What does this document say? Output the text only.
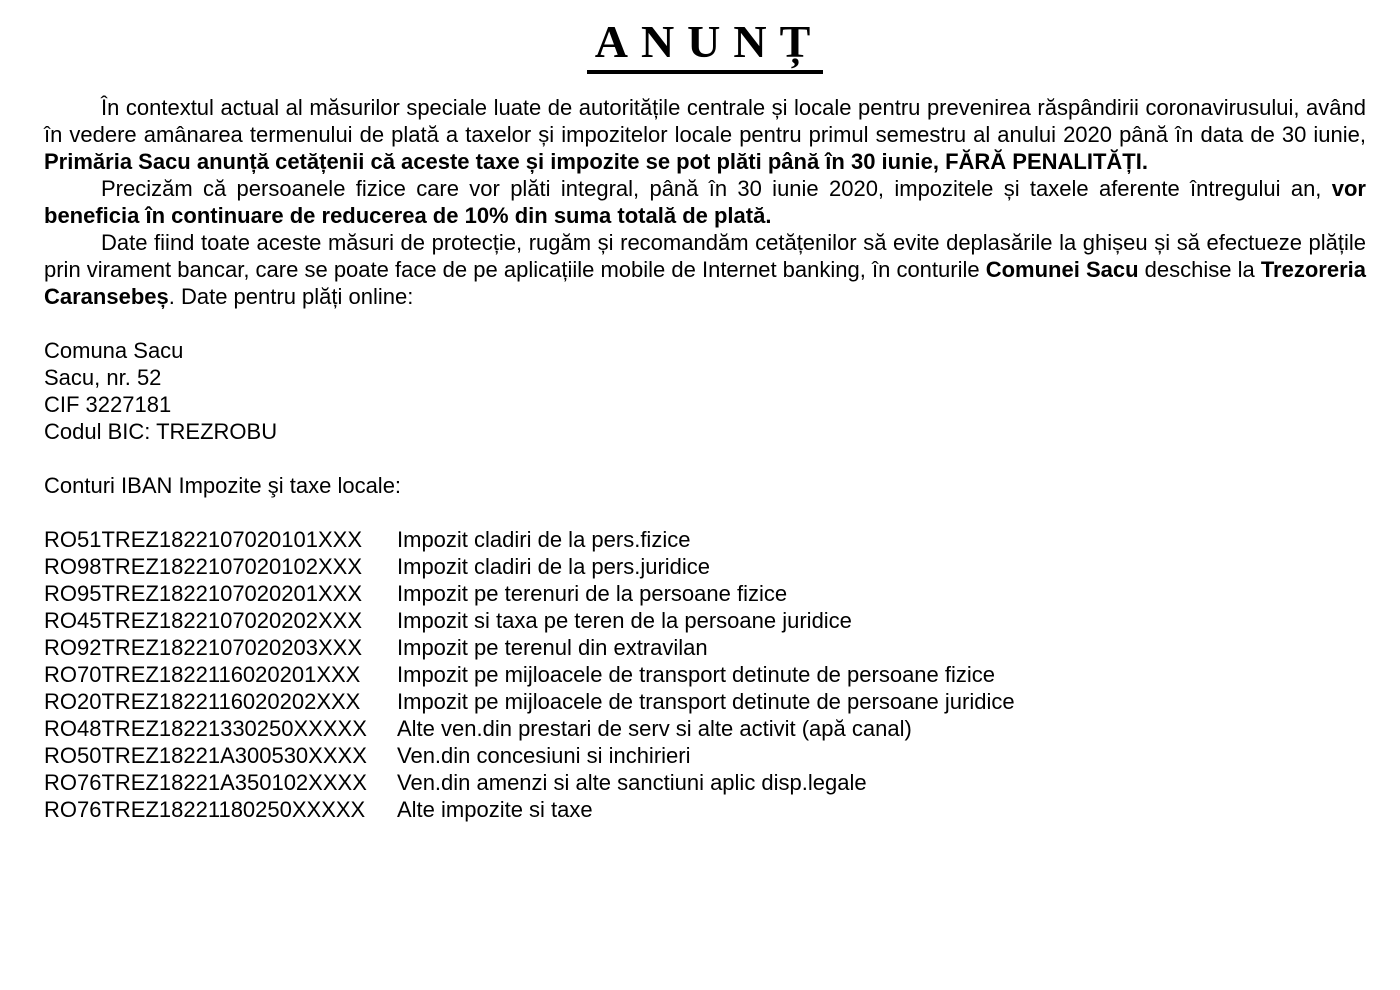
ANUNȚ

În contextul actual al măsurilor speciale luate de autoritățile centrale și locale pentru prevenirea răspândirii coronavirusului, având în vedere amânarea termenului de plată a taxelor și impozitelor locale pentru primul semestru al anului 2020 până în data de 30 iunie, Primăria Sacu anunță cetățenii că aceste taxe și impozite se pot plăti până în 30 iunie, FĂRĂ PENALITĂȚI.

Precizăm că persoanele fizice care vor plăti integral, până în 30 iunie 2020, impozitele și taxele aferente întregului an, vor beneficia în continuare de reducerea de 10% din suma totală de plată.

Date fiind toate aceste măsuri de protecție, rugăm și recomandăm cetățenilor să evite deplasările la ghișeu și să efectueze plățile prin virament bancar, care se poate face de pe aplicațiile mobile de Internet banking, în conturile Comunei Sacu deschise la Trezoreria Caransebeș. Date pentru plăți online:

Comuna Sacu
Sacu, nr. 52
CIF 3227181
Codul BIC: TREZROBU
Conturi IBAN Impozite şi taxe locale:
RO51TREZ1822107020101XXX Impozit cladiri de la pers.fizice
RO98TREZ1822107020102XXX Impozit cladiri de la pers.juridice
RO95TREZ1822107020201XXX Impozit pe terenuri de la persoane fizice
RO45TREZ1822107020202XXX Impozit si taxa pe teren de la persoane juridice
RO92TREZ1822107020203XXX Impozit pe terenul din extravilan
RO70TREZ1822116020201XXX Impozit pe mijloacele de transport detinute de persoane fizice
RO20TREZ1822116020202XXX Impozit pe mijloacele de transport detinute de persoane juridice
RO48TREZ18221330250XXXXX Alte ven.din prestari de serv si alte activit (apă canal)
RO50TREZ18221A300530XXXX Ven.din concesiuni si inchirieri
RO76TREZ18221A350102XXXX Ven.din amenzi si alte sanctiuni aplic disp.legale
RO76TREZ18221180250XXXXX Alte impozite si taxe
